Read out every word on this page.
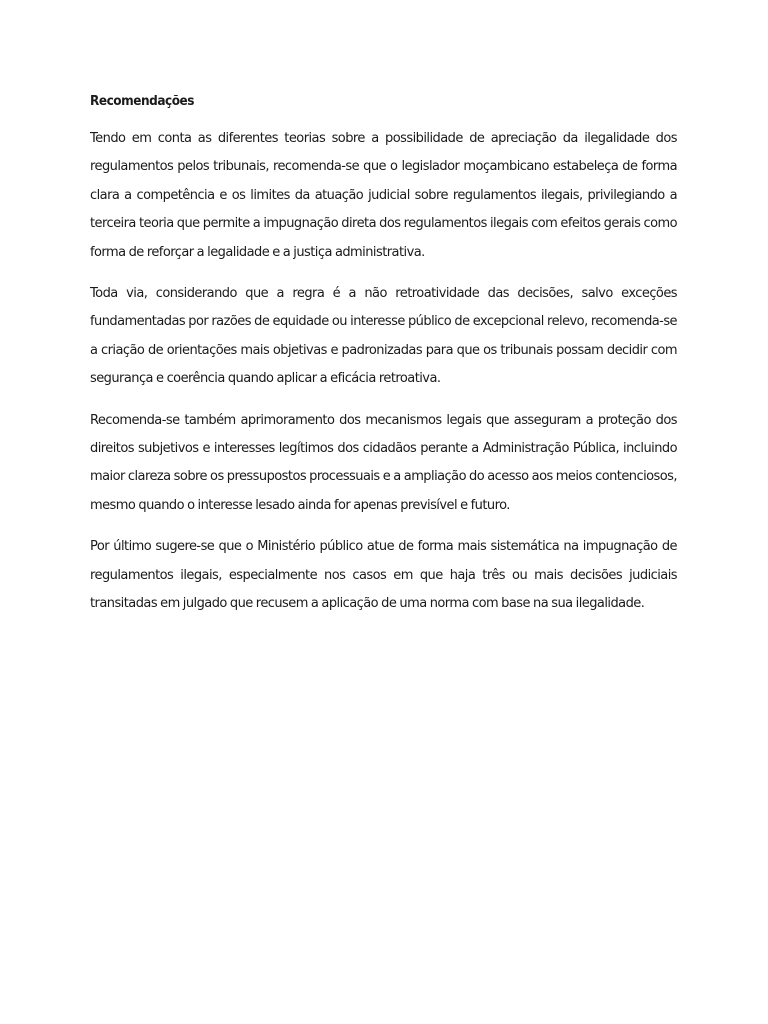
Recomendações

Tendo em conta as diferentes teorias sobre a possibilidade de apreciação da ilegalidade dos regulamentos pelos tribunais, recomenda-se que o legislador moçambicano estabeleça de forma clara a competência e os limites da atuação judicial sobre regulamentos ilegais, privilegiando a terceira teoria que permite a impugnação direta dos regulamentos ilegais com efeitos gerais como forma de reforçar a legalidade e a justiça administrativa.

Toda via, considerando que a regra é a não retroatividade das decisões, salvo exceções fundamentadas por razões de equidade ou interesse público de excepcional relevo, recomenda-se a criação de orientações mais objetivas e padronizadas para que os tribunais possam decidir com segurança e coerência quando aplicar a eficácia retroativa.

Recomenda-se também aprimoramento dos mecanismos legais que asseguram a proteção dos direitos subjetivos e interesses legítimos dos cidadãos perante a Administração Pública, incluindo maior clareza sobre os pressupostos processuais e a ampliação do acesso aos meios contenciosos, mesmo quando o interesse lesado ainda for apenas previsível e futuro.

Por último sugere-se que o Ministério público atue de forma mais sistemática na impugnação de regulamentos ilegais, especialmente nos casos em que haja três ou mais decisões judiciais transitadas em julgado que recusem a aplicação de uma norma com base na sua ilegalidade.
